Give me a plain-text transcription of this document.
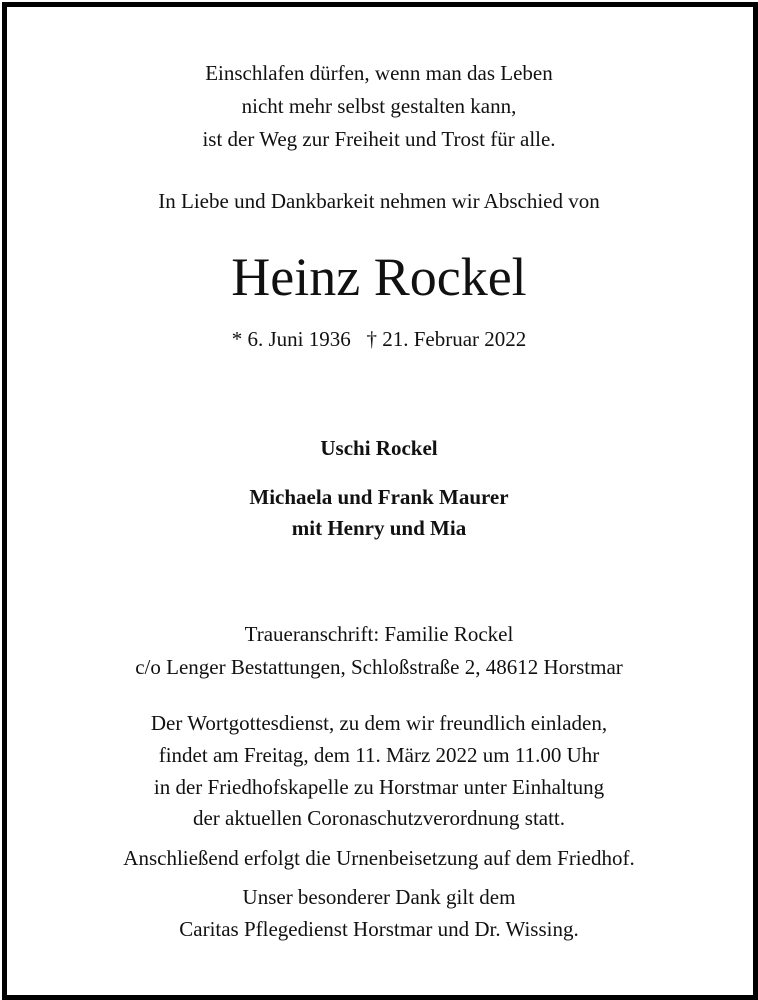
Einschlafen dürfen, wenn man das Leben
nicht mehr selbst gestalten kann,
ist der Weg zur Freiheit und Trost für alle.
In Liebe und Dankbarkeit nehmen wir Abschied von
Heinz Rockel
* 6. Juni 1936   † 21. Februar 2022
Uschi Rockel
Michaela und Frank Maurer
mit Henry und Mia
Traueranschrift: Familie Rockel
c/o Lenger Bestattungen, Schloßstraße 2, 48612 Horstmar
Der Wortgottesdienst, zu dem wir freundlich einladen,
findet am Freitag, dem 11. März 2022 um 11.00 Uhr
in der Friedhofskapelle zu Horstmar unter Einhaltung
der aktuellen Coronaschutzverordnung statt.
Anschließend erfolgt die Urnenbeisetzung auf dem Friedhof.
Unser besonderer Dank gilt dem
Caritas Pflegedienst Horstmar und Dr. Wissing.
